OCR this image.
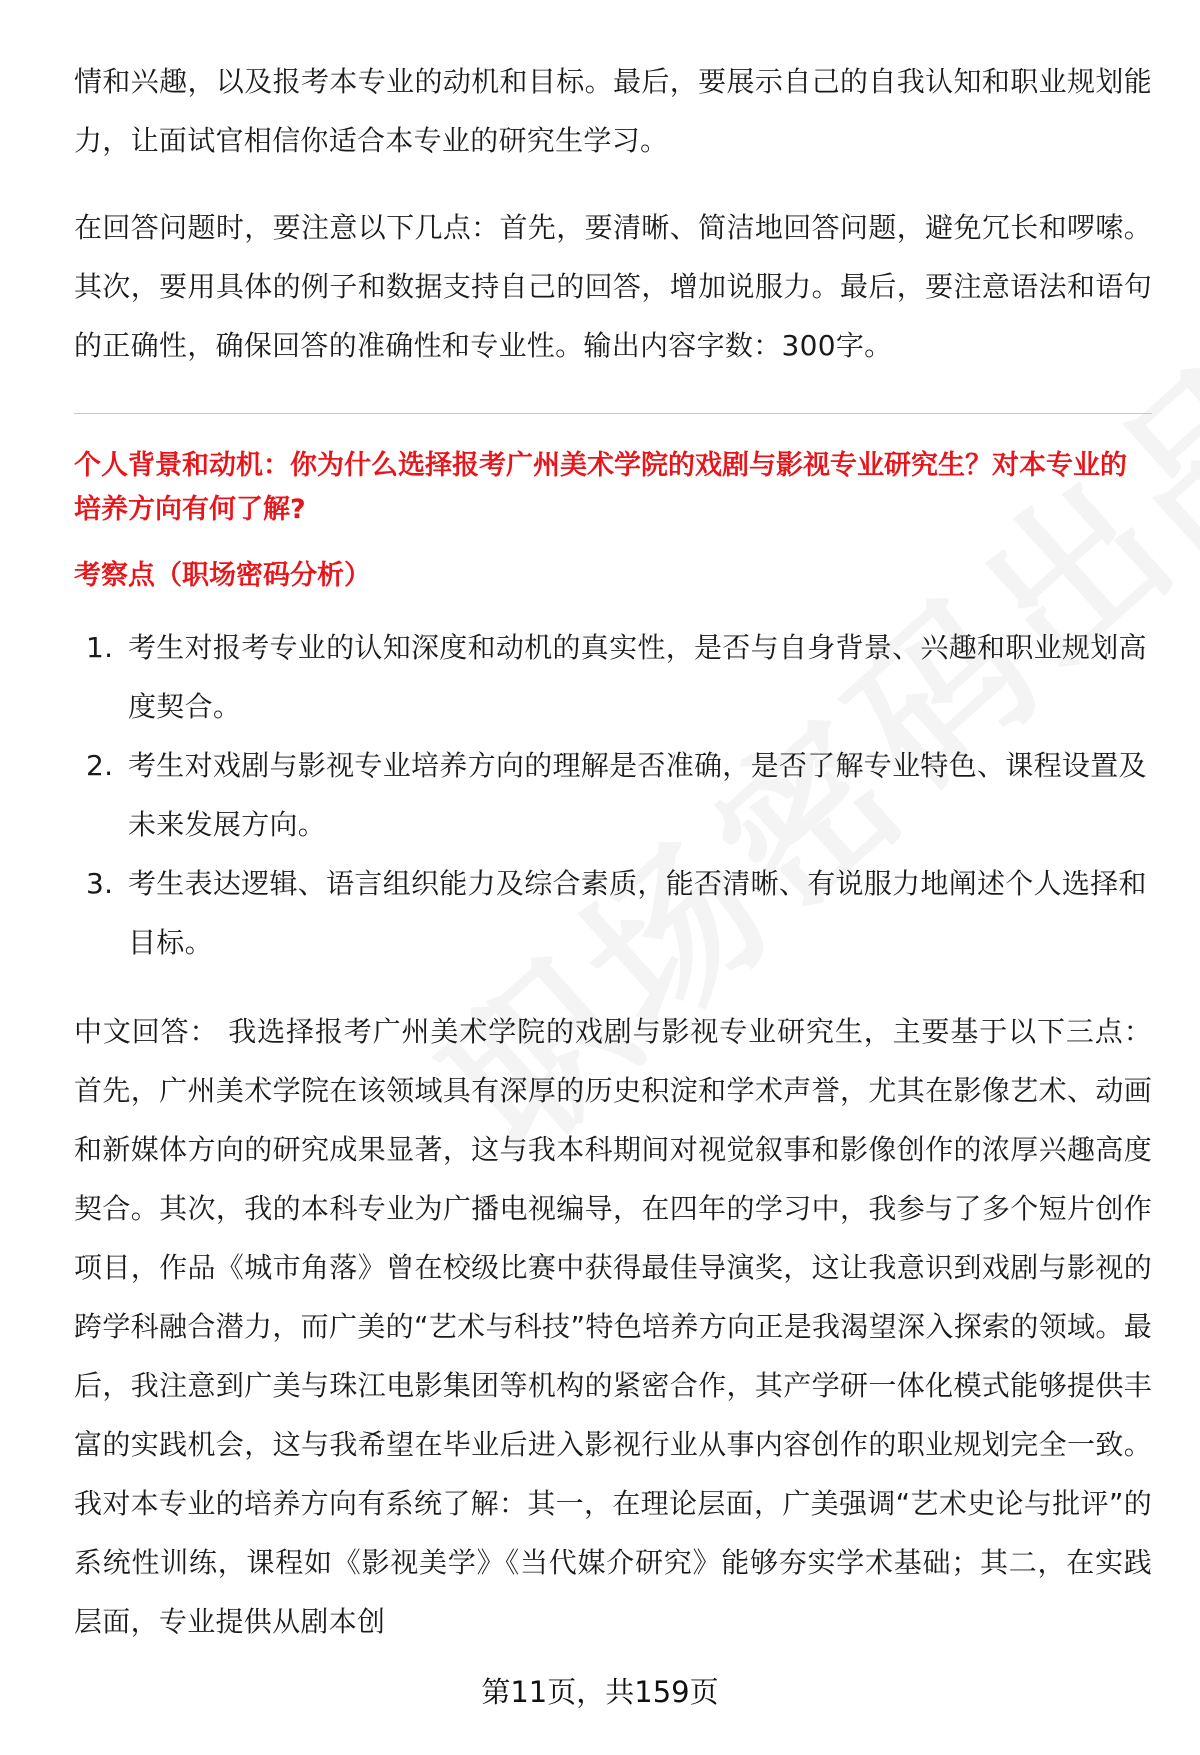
情和兴趣，以及报考本专业的动机和目标。最后，要展示自己的自我认知和职业规划能力，让面试官相信你适合本专业的研究生学习。

在回答问题时，要注意以下几点：首先，要清晰、简洁地回答问题，避免冗长和啰嗦。其次，要用具体的例子和数据支持自己的回答，增加说服力。最后，要注意语法和语句的正确性，确保回答的准确性和专业性。输出内容字数：300字。

个人背景和动机：你为什么选择报考广州美术学院的戏剧与影视专业研究生？对本专业的培养方向有何了解?
考察点（职场密码分析）
1. 考生对报考专业的认知深度和动机的真实性，是否与自身背景、兴趣和职业规划高度契合。
2. 考生对戏剧与影视专业培养方向的理解是否准确，是否了解专业特色、课程设置及未来发展方向。
3. 考生表达逻辑、语言组织能力及综合素质，能否清晰、有说服力地阐述个人选择和目标。

中文回答： 我选择报考广州美术学院的戏剧与影视专业研究生，主要基于以下三点：首先，广州美术学院在该领域具有深厚的历史积淀和学术声誉，尤其在影像艺术、动画和新媒体方向的研究成果显著，这与我本科期间对视觉叙事和影像创作的浓厚兴趣高度契合。其次，我的本科专业为广播电视编导，在四年的学习中，我参与了多个短片创作项目，作品《城市角落》曾在校级比赛中获得最佳导演奖，这让我意识到戏剧与影视的跨学科融合潜力，而广美的“艺术与科技”特色培养方向正是我渴望深入探索的领域。最后，我注意到广美与珠江电影集团等机构的紧密合作，其产学研一体化模式能够提供丰富的实践机会，这与我希望在毕业后进入影视行业从事内容创作的职业规划完全一致。我对本专业的培养方向有系统了解：其一，在理论层面，广美强调“艺术史论与批评”的系统性训练，课程如《影视美学》《当代媒介研究》能够夯实学术基础；其二，在实践层面，专业提供从剧本创

第11页，共159页
